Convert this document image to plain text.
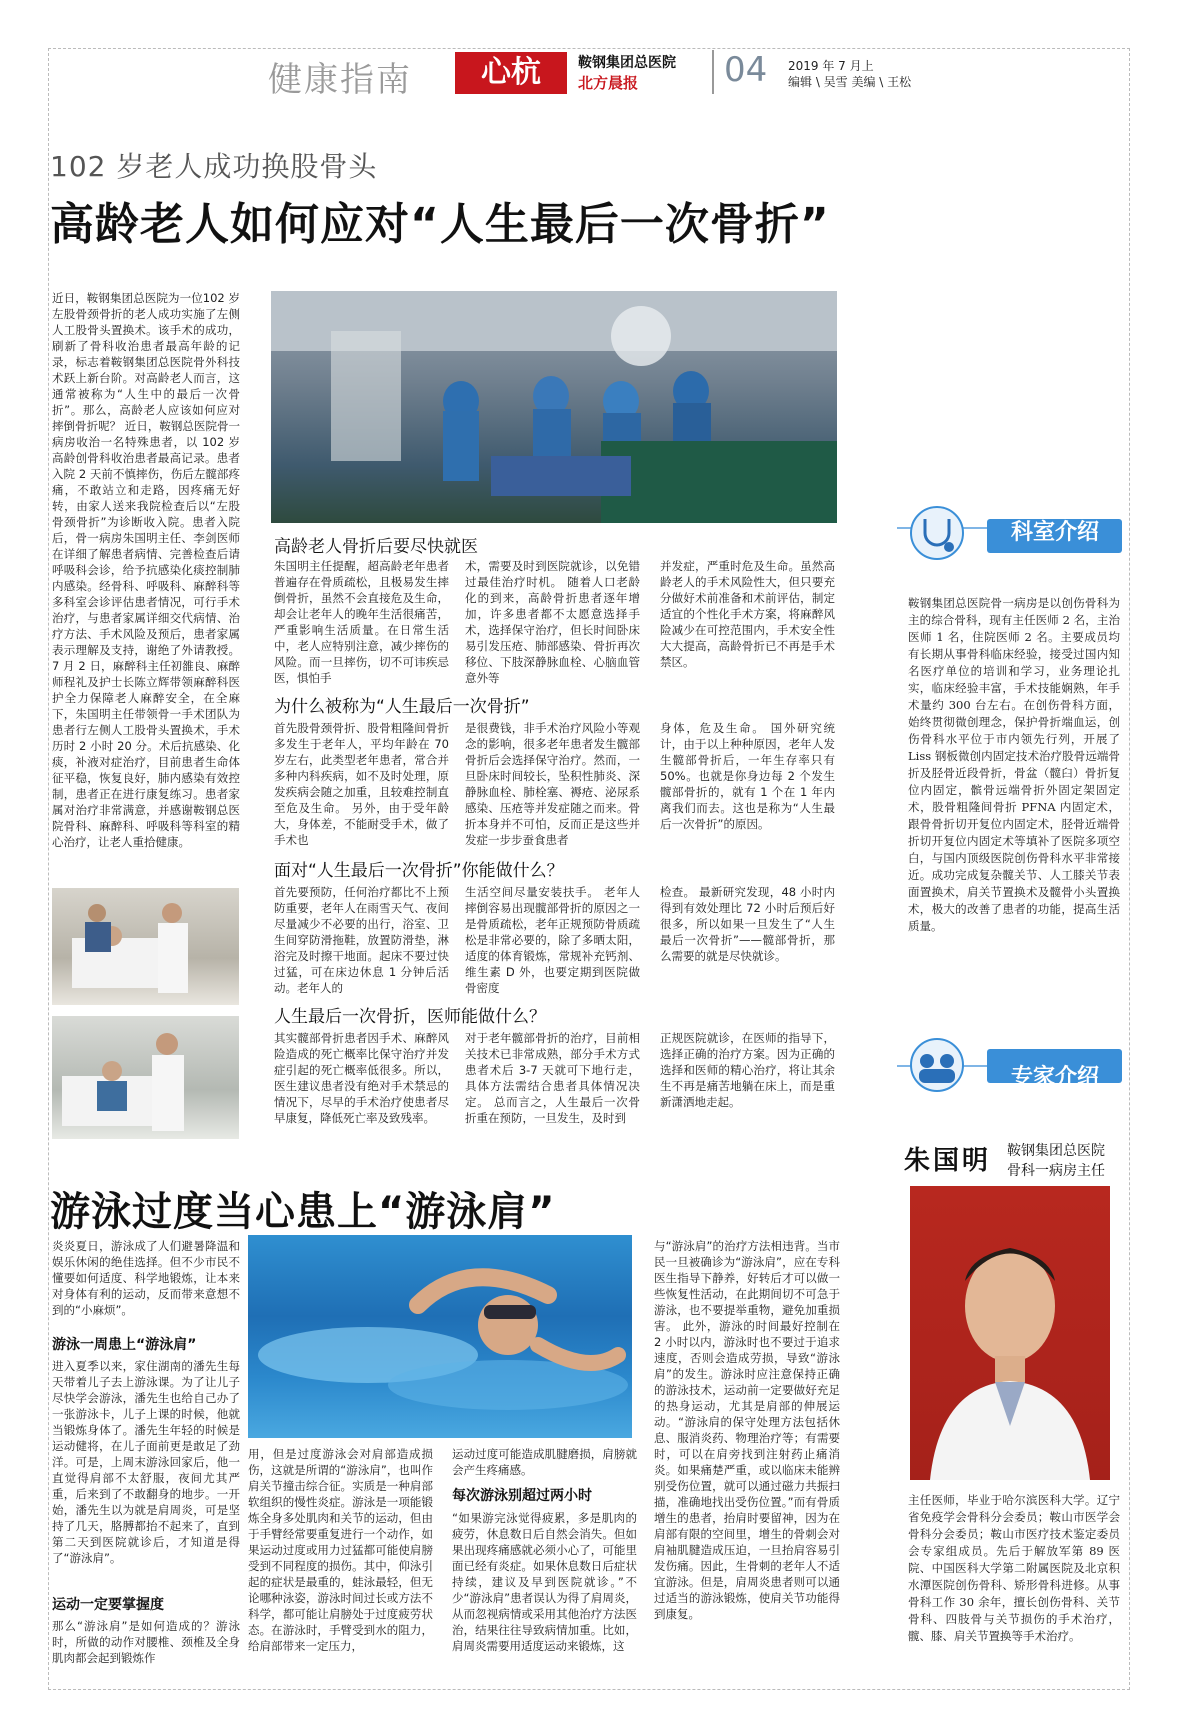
健康指南	心杭	鞍钢集团总医院
北方晨报	04 2019 年 7 月上
编辑 \ 吴雪 美编 \ 王松
102 岁老人成功换股骨头
高龄老人如何应对“人生最后一次骨折”
近日，鞍钢集团总医院为一位102 岁左股骨颈骨折的老人成功实施了左侧人工股骨头置换术。该手术的成功，刷新了骨科收治患者最高年龄的记录，标志着鞍钢集团总医院骨外科技术跃上新台阶。对高龄老人而言，这通常被称为“人生中的最后一次骨折”。那么，高龄老人应该如何应对摔倒骨折呢？ 近日，鞍钢总医院骨一病房收治一名特殊患者，以 102 岁高龄创骨科收治患者最高记录。患者入院 2 天前不慎摔伤，伤后左髋部疼痛，不敢站立和走路，因疼痛无好转，由家人送来我院检查后以“左股骨颈骨折”为诊断收入院。患者入院后，骨一病房朱国明主任、李剑医师在详细了解患者病情、完善检查后请呼吸科会诊，给予抗感染化痰控制肺内感染。经骨科、呼吸科、麻醉科等多科室会诊评估患者情况，可行手术治疗，与患者家属详细交代病情、治疗方法、手术风险及预后，患者家属表示理解及支持，谢绝了外请教授。7 月 2 日，麻醉科主任初雒良、麻醉师程礼及护士长陈立辉带领麻醉科医护全力保障老人麻醉安全，在全麻下，朱国明主任带领骨一手术团队为患者行左侧人工股骨头置换术，手术历时 2 小时 20 分。术后抗感染、化痰，补液对症治疗，目前患者生命体征平稳，恢复良好，肺内感染有效控制，患者正在进行康复练习。患者家属对治疗非常满意，并感谢鞍钢总医院骨科、麻醉科、呼吸科等科室的精心治疗，让老人重拾健康。
高龄老人骨折后要尽快就医
朱国明主任提醒，超高龄老年患者普遍存在骨质疏松，且极易发生摔倒骨折，虽然不会直接危及生命，却会让老年人的晚年生活很痛苦，严重影响生活质量。在日常生活中，老人应特别注意，减少摔伤的风险。而一旦摔伤，切不可讳疾忌医，惧怕手
术，需要及时到医院就诊，以免错过最佳治疗时机。 随着人口老龄化的到来，高龄骨折患者逐年增加，许多患者都不太愿意选择手术，选择保守治疗，但长时间卧床易引发压疮、肺部感染、骨折再次移位、下肢深静脉血栓、心脑血管意外等
并发症，严重时危及生命。虽然高龄老人的手术风险性大，但只要充分做好术前准备和术前评估，制定适宜的个性化手术方案，将麻醉风险减少在可控范围内，手术安全性大大提高，高龄骨折已不再是手术禁区。
为什么被称为“人生最后一次骨折”
首先股骨颈骨折、股骨粗隆间骨折多发生于老年人，平均年龄在 70 岁左右，此类型老年患者，常合并多种内科疾病，如不及时处理，原发疾病会随之加重，且较难控制直至危及生命。 另外，由于受年龄大，身体差，不能耐受手术，做了手术也
是很费钱，非手术治疗风险小等观念的影响，很多老年患者发生髋部骨折后会选择保守治疗。然而，一旦卧床时间较长，坠积性肺炎、深静脉血栓、肺栓塞、褥疮、泌尿系感染、压疮等并发症随之而来。骨折本身并不可怕，反而正是这些并发症一步步蚕食患者
身体，危及生命。 国外研究统计，由于以上种种原因，老年人发生髋部骨折后，一年生存率只有 50%。也就是你身边每 2 个发生髋部骨折的，就有 1 个在 1 年内离我们而去。这也是称为“人生最后一次骨折”的原因。
面对“人生最后一次骨折”你能做什么？
首先要预防，任何治疗都比不上预防重要，老年人在雨雪天气、夜间尽量减少不必要的出行，浴室、卫生间穿防滑拖鞋，放置防滑垫，淋浴完及时擦干地面。起床不要过快过猛，可在床边休息 1 分钟后活动。老年人的
生活空间尽量安装扶手。 老年人摔倒容易出现髋部骨折的原因之一是骨质疏松，老年正规预防骨质疏松是非常必要的，除了多晒太阳，适度的体育锻炼，常规补充钙剂、维生素 D 外，也要定期到医院做骨密度
检查。 最新研究发现，48 小时内得到有效处理比 72 小时后预后好很多，所以如果一旦发生了“人生最后一次骨折”——髋部骨折，那么需要的就是尽快就诊。
人生最后一次骨折，医师能做什么？
其实髋部骨折患者因手术、麻醉风险造成的死亡概率比保守治疗并发症引起的死亡概率低很多。所以，医生建议患者没有绝对手术禁忌的情况下，尽早的手术治疗使患者尽早康复，降低死亡率及致残率。
对于老年髋部骨折的治疗，目前相关技术已非常成熟，部分手术方式患者术后 3-7 天就可下地行走，具体方法需结合患者具体情况决定。 总而言之，人生最后一次骨折重在预防，一旦发生，及时到
正规医院就诊，在医师的指导下，选择正确的治疗方案。因为正确的选择和医师的精心治疗，将让其余生不再是痛苦地躺在床上，而是重新潇洒地走起。
游泳过度当心患上“游泳肩”
炎炎夏日，游泳成了人们避暑降温和娱乐休闲的绝佳选择。但不少市民不懂要如何适度、科学地锻炼，让本来对身体有利的运动，反而带来意想不到的“小麻烦”。
游泳一周患上“游泳肩”
进入夏季以来，家住湖南的潘先生每天带着儿子去上游泳课。为了让儿子尽快学会游泳，潘先生也给自己办了一张游泳卡，儿子上课的时候，他就当锻炼身体了。潘先生年轻的时候是运动健将，在儿子面前更是敢足了劲洋。可是，上周末游泳回家后，他一直觉得肩部不太舒服，夜间尤其严重，后来到了不敢翻身的地步。一开始，潘先生以为就是肩周炎，可是坚持了几天，胳膊都抬不起来了，直到第二天到医院就诊后，才知道是得了“游泳肩”。
运动一定要掌握度
那么“游泳肩”是如何造成的？游泳时，所做的动作对腰椎、颈椎及全身肌肉都会起到锻炼作
用，但是过度游泳会对肩部造成损伤，这就是所谓的“游泳肩”，也叫作肩关节撞击综合征。实质是一种肩部软组织的慢性炎症。游泳是一项能锻炼全身多处肌肉和关节的运动，但由于手臂经常要重复进行一个动作，如果运动过度或用力过猛都可能使肩膀受到不同程度的损伤。其中，仰泳引起的症状是最重的，蛙泳最轻，但无论哪种泳姿，游泳时间过长或方法不科学，都可能让肩膀处于过度疲劳状态。在游泳时，手臂受到水的阻力，给肩部带来一定压力，
运动过度可能造成肌腱磨损，肩膀就会产生疼痛感。
每次游泳别超过两小时
“如果游完泳觉得疲累，多是肌肉的疲劳，休息数日后自然会消失。但如果出现疼痛感就必须小心了，可能里面已经有炎症。如果休息数日后症状持续，建议及早到医院就诊。”不少“游泳肩”患者误认为得了肩周炎，从而忽视病情或采用其他治疗方法医治，结果往往导致病情加重。比如，肩周炎需要用适度运动来锻炼，这
与“游泳肩”的治疗方法相违背。当市民一旦被确诊为“游泳肩”，应在专科医生指导下静养，好转后才可以做一些恢复性活动，在此期间切不可急于游泳，也不要提举重物，避免加重损害。 此外，游泳的时间最好控制在 2 小时以内，游泳时也不要过于追求速度，否则会造成劳损，导致“游泳肩”的发生。游泳时应注意保持正确的游泳技术，运动前一定要做好充足的热身运动，尤其是肩部的伸展运动。“游泳肩的保守处理方法包括休息、服消炎药、物理治疗等；有需要时，可以在肩旁找到注射药止痛消炎。如果痛楚严重，或以临床未能辨别受伤位置，就可以通过磁力共振扫描，准确地找出受伤位置。”而有骨质增生的患者，抬肩时要留神，因为在肩部有限的空间里，增生的骨刺会对肩袖肌腱造成压迫，一旦抬肩容易引发伤痛。因此，生骨刺的老年人不适宜游泳。但是，肩周炎患者则可以通过适当的游泳锻炼，使肩关节功能得到康复。
科室介绍
鞍钢集团总医院骨一病房是以创伤骨科为主的综合骨科，现有主任医师 2 名，主治医师 1 名，住院医师 2 名。主要成员均有长期从事骨科临床经验，接受过国内知名医疗单位的培训和学习，业务理论扎实，临床经验丰富，手术技能娴熟，年手术量约 300 台左右。在创伤骨科方面，始终贯彻微创理念，保护骨折端血运，创伤骨科水平位于市内领先行列，开展了 Liss 钢板微创内固定技术治疗股骨远端骨折及胫骨近段骨折，骨盆（髋臼）骨折复位内固定，髌骨远端骨折外固定架固定术，股骨粗隆间骨折 PFNA 内固定术，跟骨骨折切开复位内固定术，胫骨近端骨折切开复位内固定术等填补了医院多项空白，与国内顶级医院创伤骨科水平非常接近。成功完成复杂髋关节、人工膝关节表面置换术，肩关节置换术及髋骨小头置换术，极大的改善了患者的功能，提高生活质量。
专家介绍
朱国明 鞍钢集团总医院
骨科一病房主任
主任医师，毕业于哈尔滨医科大学。辽宁省免疫学会骨科分会委员；鞍山市医学会骨科分会委员；鞍山市医疗技术鉴定委员会专家组成员。先后于解放军第 89 医院、中国医科大学第二附属医院及北京积水潭医院创伤骨科、矫形骨科进修。从事骨科工作 30 余年，擅长创伤骨科、关节骨科、四肢骨与关节损伤的手术治疗，髋、膝、肩关节置换等手术治疗。
